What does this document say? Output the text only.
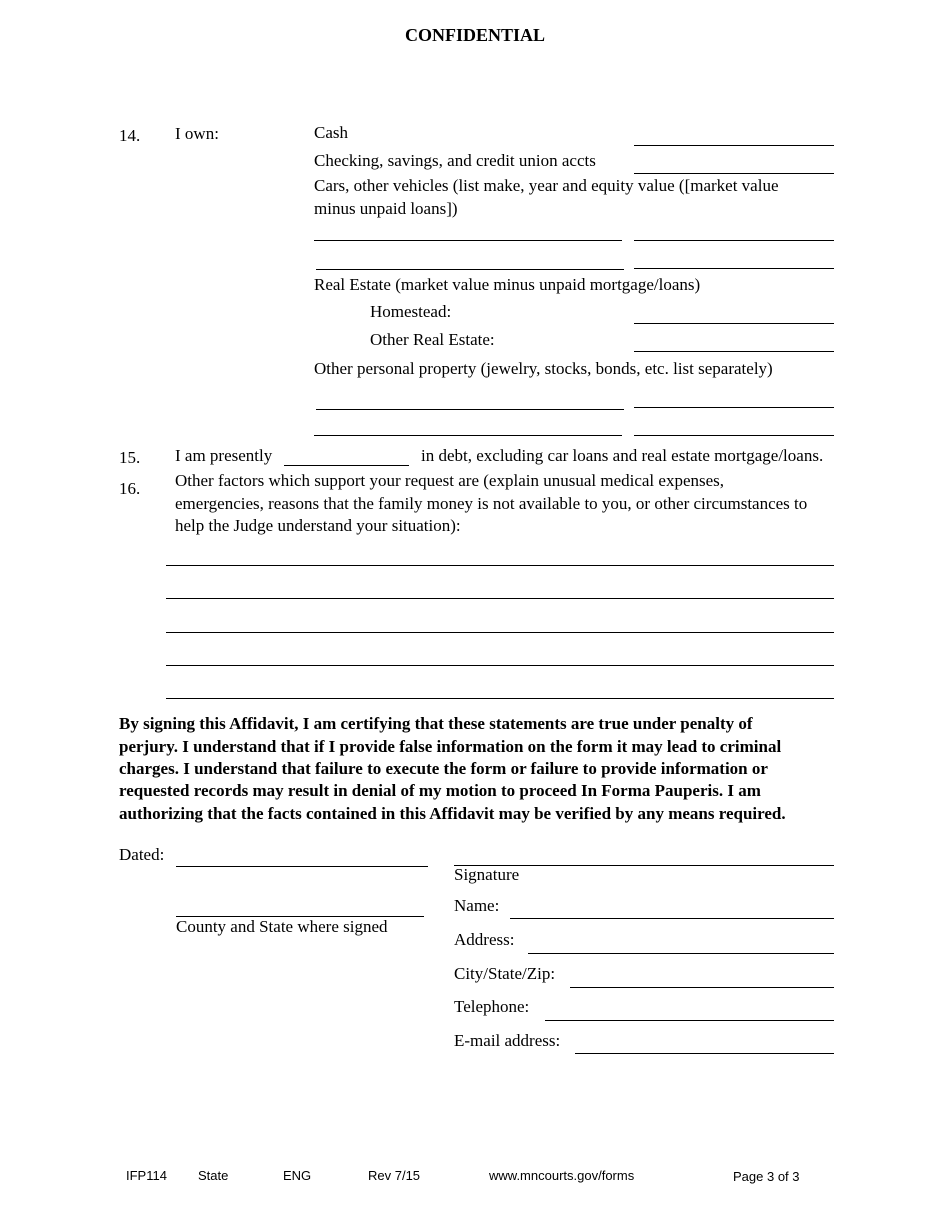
CONFIDENTIAL
14. I own:	Cash
Checking, savings, and credit union accts
Cars, other vehicles (list make, year and equity value ([market value
minus unpaid loans])
Real Estate (market value minus unpaid mortgage/loans)
Homestead:
Other Real Estate:
Other personal property (jewelry, stocks, bonds, etc. list separately)
15. I am presently	in debt, excluding car loans and real estate mortgage/loans.
16. Other factors which support your request are (explain unusual medical expenses,
emergencies, reasons that the family money is not available to you, or other circumstances to
help the Judge understand your situation):
By signing this Affidavit, I am certifying that these statements are true under penalty of
perjury. I understand that if I provide false information on the form it may lead to criminal
charges. I understand that failure to execute the form or failure to provide information or
requested records may result in denial of my motion to proceed In Forma Pauperis. I am
authorizing that the facts contained in this Affidavit may be verified by any means required.
Dated:
County and State where signed
Signature
Name:
Address:
City/State/Zip:
Telephone:
E-mail address:
IFP114 State	ENG	Rev 7/15	www.mncourts.gov/forms	Page 3 of 3
